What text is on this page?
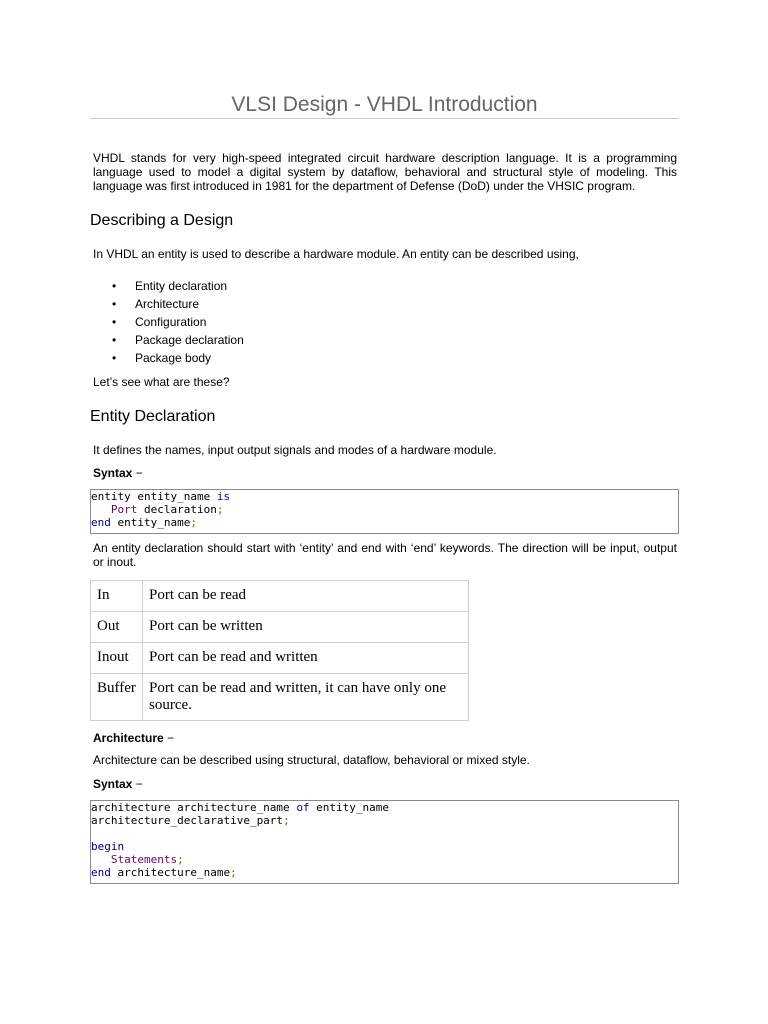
VLSI Design - VHDL Introduction
VHDL stands for very high-speed integrated circuit hardware description language. It is a programming language used to model a digital system by dataflow, behavioral and structural style of modeling. This language was first introduced in 1981 for the department of Defense (DoD) under the VHSIC program.
Describing a Design
In VHDL an entity is used to describe a hardware module. An entity can be described using,
• Entity declaration
• Architecture
• Configuration
• Package declaration
• Package body
Let’s see what are these?
Entity Declaration
It defines the names, input output signals and modes of a hardware module.
Syntax −
entity entity_name is
Port declaration;
end entity_name;
An entity declaration should start with ‘entity’ and end with ‘end’ keywords. The direction will be input, output or inout.
In	Port can be read
Out	Port can be written
Inout	Port can be read and written
Buffer	Port can be read and written, it can have only one source.
Architecture −
Architecture can be described using structural, dataflow, behavioral or mixed style.
Syntax −
architecture architecture_name of entity_name
architecture_declarative_part;
begin
Statements;
end architecture_name;
